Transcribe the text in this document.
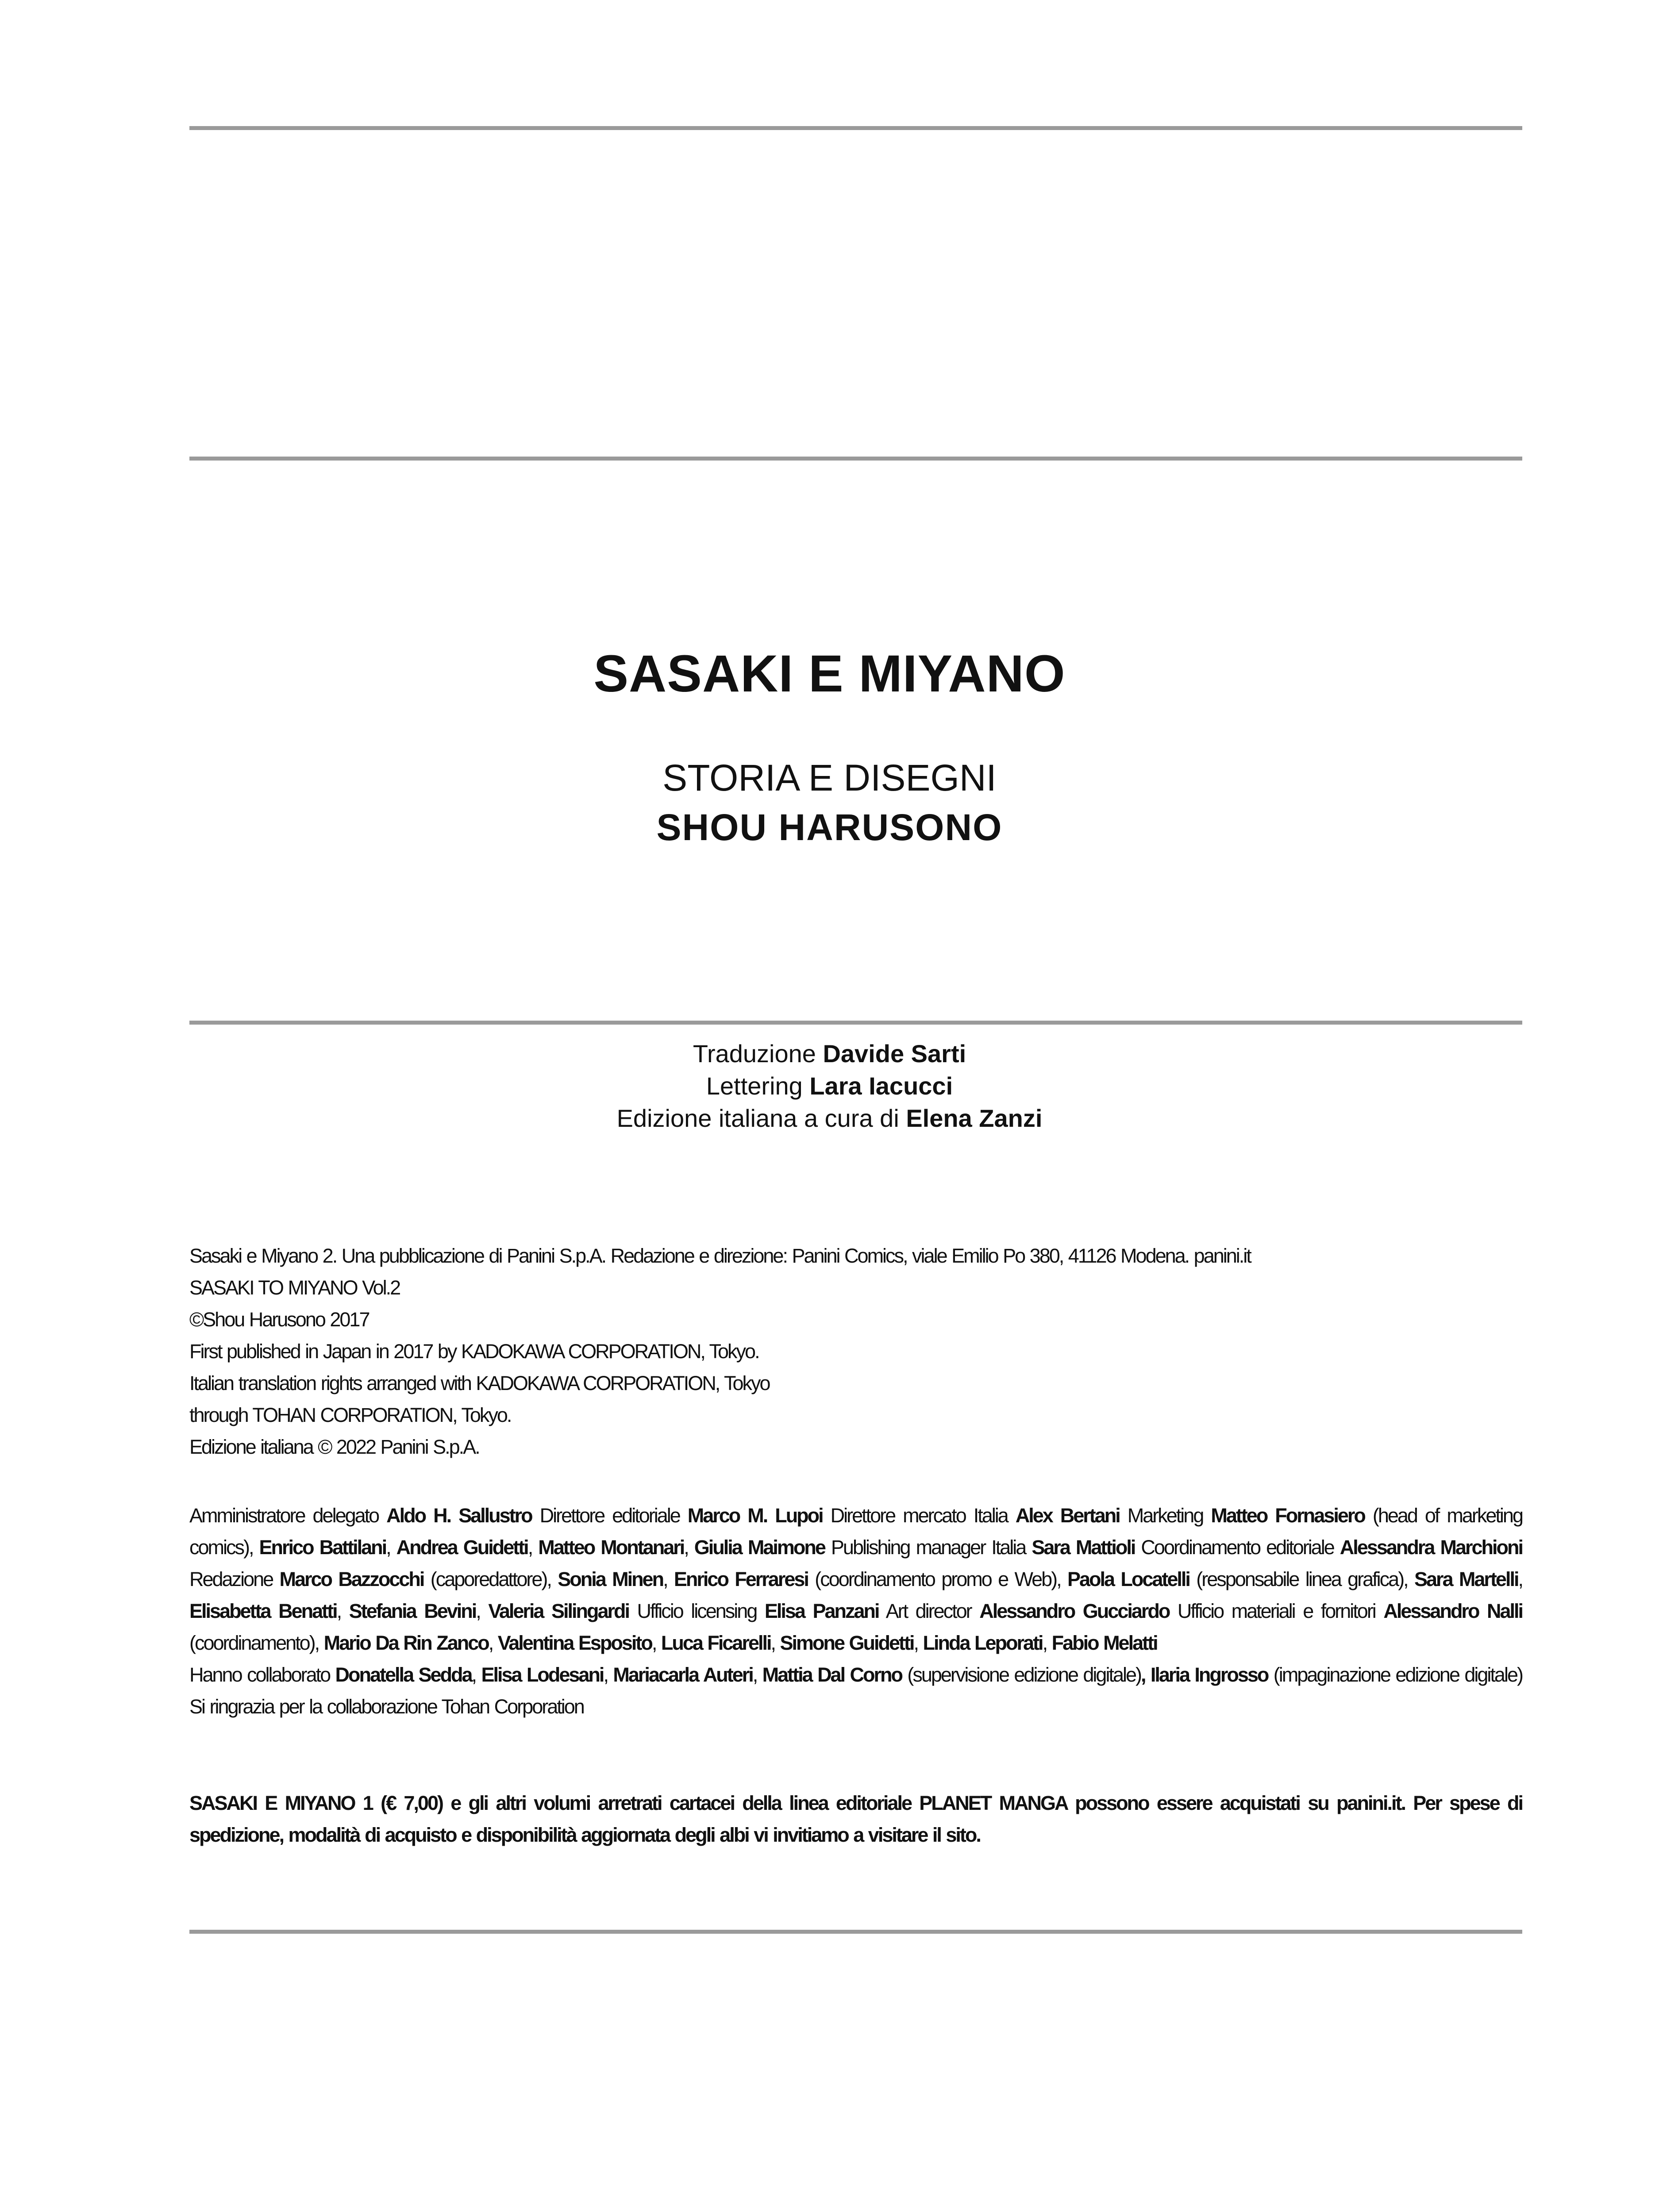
SASAKI E MIYANO
STORIA E DISEGNI
SHOU HARUSONO
Traduzione Davide Sarti
Lettering Lara Iacucci
Edizione italiana a cura di Elena Zanzi

Sasaki e Miyano 2. Una pubblicazione di Panini S.p.A. Redazione e direzione: Panini Comics, viale Emilio Po 380, 41126 Modena. panini.it

SASAKI TO MIYANO Vol.2

©Shou Harusono 2017

First published in Japan in 2017 by KADOKAWA CORPORATION, Tokyo.

Italian translation rights arranged with KADOKAWA CORPORATION, Tokyo

through TOHAN CORPORATION, Tokyo.

Edizione italiana © 2022 Panini S.p.A.

Amministratore delegato Aldo H. Sallustro Direttore editoriale Marco M. Lupoi Direttore mercato Italia Alex Bertani Marketing Matteo Fornasiero (head of marketing comics), Enrico Battilani, Andrea Guidetti, Matteo Montanari, Giulia Maimone Publishing manager Italia Sara Mattioli Coordinamento editoriale Alessandra Marchioni Redazione Marco Bazzocchi (caporedattore), Sonia Minen, Enrico Ferraresi (coordinamento promo e Web), Paola Locatelli (responsabile linea grafica), Sara Martelli, Elisabetta Benatti, Stefania Bevini, Valeria Silingardi Ufficio licensing Elisa Panzani Art director Alessandro Gucciardo Ufficio materiali e fornitori Alessandro Nalli (coordinamento), Mario Da Rin Zanco, Valentina Esposito, Luca Ficarelli, Simone Guidetti, Linda Leporati, Fabio Melatti

Hanno collaborato Donatella Sedda, Elisa Lodesani, Mariacarla Auteri, Mattia Dal Corno (supervisione edizione digitale), Ilaria Ingrosso (impaginazione edizione digitale) Si ringrazia per la collaborazione Tohan Corporation

SASAKI E MIYANO 1 (€ 7,00) e gli altri volumi arretrati cartacei della linea editoriale PLANET MANGA possono essere acquistati su panini.it. Per spese di spedizione, modalità di acquisto e disponibilità aggiornata degli albi vi invitiamo a visitare il sito.
